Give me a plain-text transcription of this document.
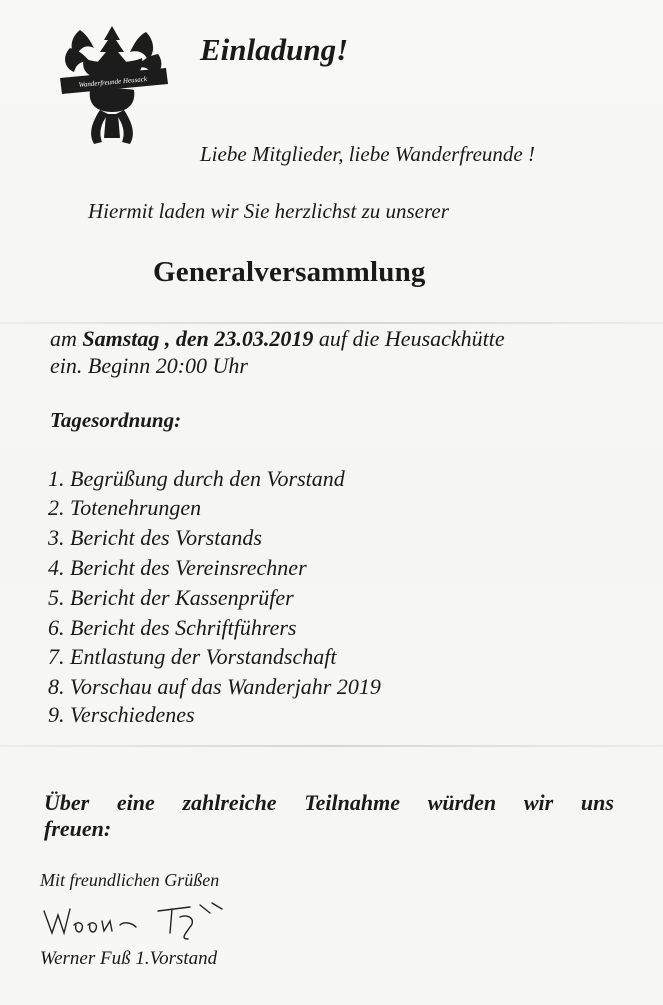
Wanderfreunde Heusack
Einladung!
Liebe Mitglieder, liebe Wanderfreunde !
Hiermit laden wir Sie herzlichst zu unserer
Generalversammlung
am Samstag , den 23.03.2019 auf die Heusackhütte
ein. Beginn 20:00 Uhr
Tagesordnung:
1. Begrüßung durch den Vorstand
2. Totenehrungen
3. Bericht des Vorstands
4. Bericht des Vereinsrechner
5. Bericht der Kassenprüfer
6. Bericht des Schriftführers
7. Entlastung der Vorstandschaft
8. Vorschau auf das Wanderjahr 2019
9. Verschiedenes
Über eine zahlreiche Teilnahme würden wir uns
freuen:
Mit freundlichen Grüßen
Werner Fuß 1.Vorstand
